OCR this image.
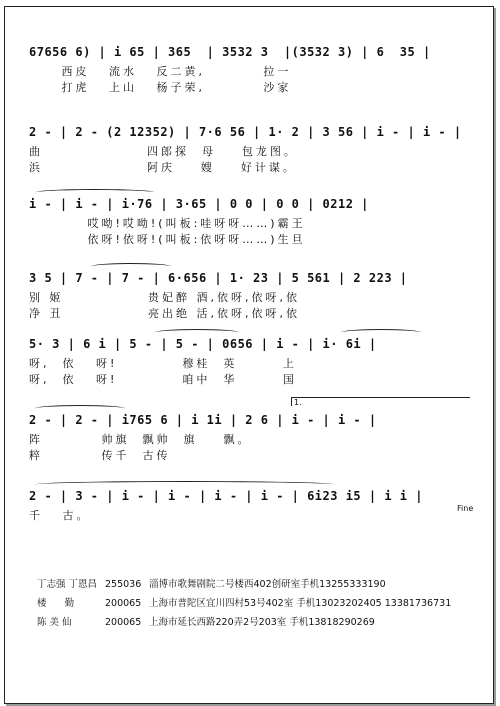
67656 6) | i 65 | 365  | 3532 3  |(3532 3) | 6  35 |
西皮   流水   反二黄,         拉一
打虎   上山   杨子荣,         沙家
2 - | 2 - (2 12352) | 7·6 56 | 1· 2 | 3 56 | i - | i - |
曲                四郎探  母    包龙图。
浜                阿庆    嫂    好计谋。
i - | i - | i·76 | 3·65 | 0 0 | 0 0 | 0212 |
哎呦!哎呦!(叫板:哇呀呀……)霸王
依呀!依呀!(叫板:依呀呀……)生旦
3 5 | 7 - | 7 - | 6·656 | 1· 23 | 5 561 | 2 223 |
别 姬             贵妃醉 酒,依呀,依呀,依
净 丑             亮出绝 活,依呀,依呀,依
5· 3 | 6 i | 5 - | 5 - | 0656 | i - | i· 6i |
呀,  依   呀!          穆桂  英       上
呀,  依   呀!          咱中  华       国
1.
2 - | 2 - | i765 6 | i 1i | 2 6 | i - | i - |
阵         帅旗  飘帅  旗    飘。
粹         传千  古传
2 - | 3 - | i - | i - | i - | i - | 6i23 i5 | i i |
Fine
千   古。
丁志强 丁恩昌 255036 淄博市歌舞剧院二号楼西402创研室手机13255333190
楼      勤	200065 上海市普陀区宜川四村53号402室 手机13023202405 13381736731
陈 美 仙	200065 上海市延长西路220弄2号203室 手机13818290269
